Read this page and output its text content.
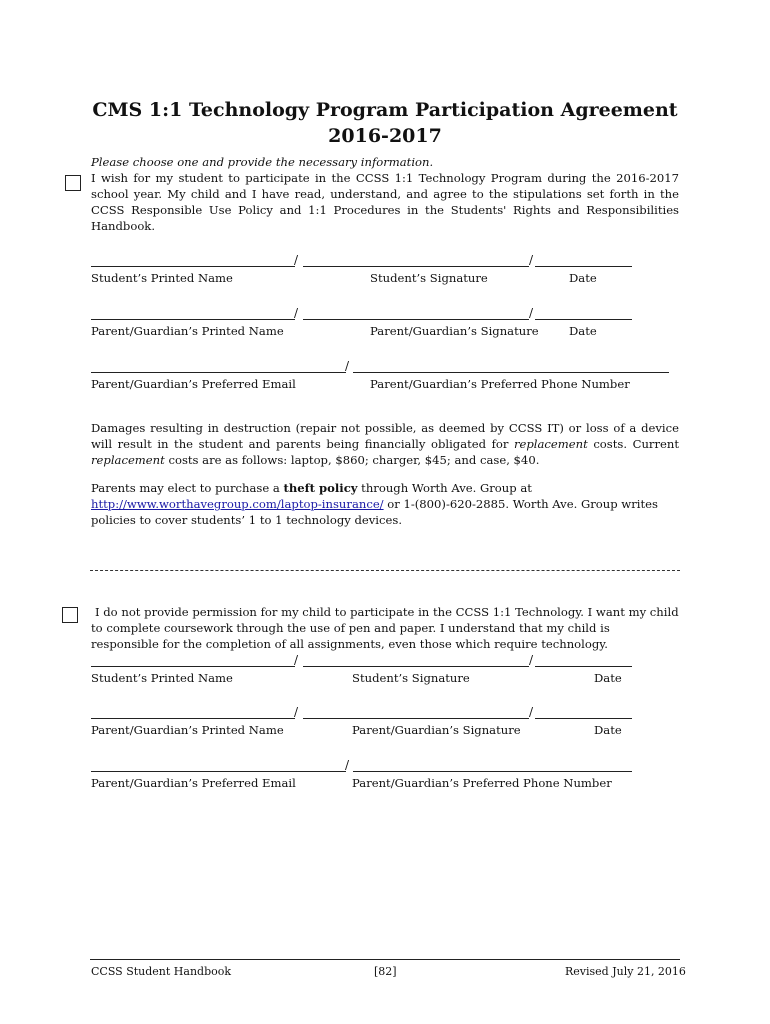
CMS 1:1 Technology Program Participation Agreement
2016-2017
Please choose one and provide the necessary information.
I wish for my student to participate in the CCSS 1:1 Technology Program during the 2016-2017 school year. My child and I have read, understand, and agree to the stipulations set forth in the CCSS Responsible Use Policy and 1:1 Procedures in the Students' Rights and Responsibilities Handbook.
/	/
Student’s Printed Name	Student’s Signature	Date
/	/
Parent/Guardian’s Printed Name	Parent/Guardian’s Signature	Date
/
Parent/Guardian’s Preferred Email	Parent/Guardian’s Preferred Phone Number
Damages resulting in destruction (repair not possible, as deemed by CCSS IT) or loss of a device will result in the student and parents being financially obligated for replacement costs. Current replacement costs are as follows: laptop, $860; charger, $45; and case, $40.
Parents may elect to purchase a theft policy through Worth Ave. Group at
http://www.worthavegroup.com/laptop-insurance/ or 1-(800)-620-2885. Worth Ave. Group writes policies to cover students’ 1 to 1 technology devices.
I do not provide permission for my child to participate in the CCSS 1:1 Technology. I want my child to complete coursework through the use of pen and paper. I understand that my child is responsible for the completion of all assignments, even those which require technology.
/	/
Student’s Printed Name	Student’s Signature	Date
/	/
Parent/Guardian’s Printed Name	Parent/Guardian’s Signature	Date
/
Parent/Guardian’s Preferred Email	Parent/Guardian’s Preferred Phone Number
CCSS Student Handbook	[82]	Revised July 21, 2016
